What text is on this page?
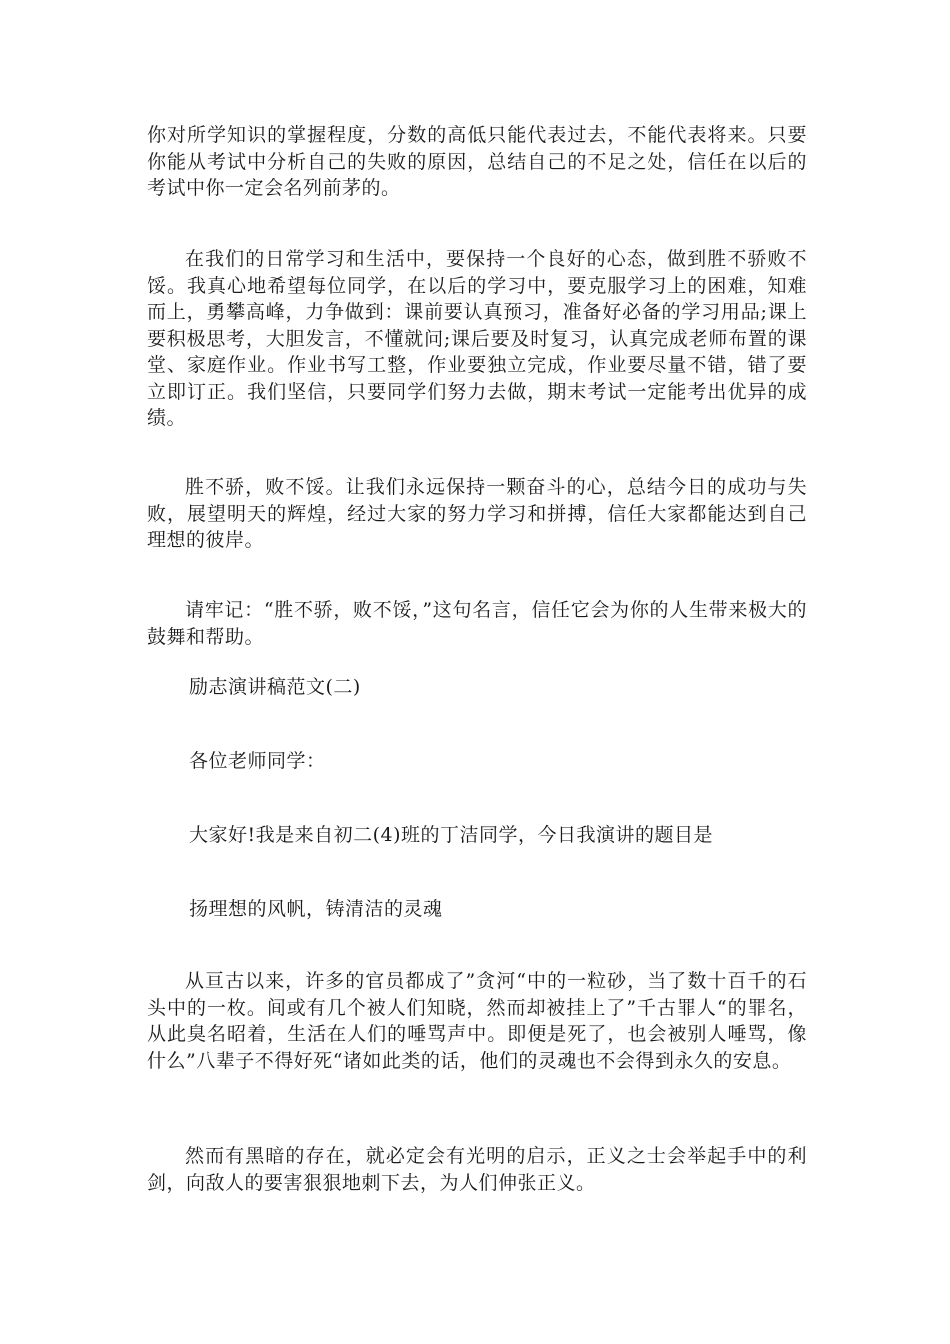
你对所学知识的掌握程度，分数的高低只能代表过去，不能代表将来。只要你能从考试中分析自己的失败的原因，总结自己的不足之处，信任在以后的考试中你一定会名列前茅的。

在我们的日常学习和生活中，要保持一个良好的心态，做到胜不骄败不馁。我真心地希望每位同学，在以后的学习中，要克服学习上的困难，知难而上，勇攀高峰，力争做到：课前要认真预习，准备好必备的学习用品;课上要积极思考，大胆发言，不懂就问;课后要及时复习，认真完成老师布置的课堂、家庭作业。作业书写工整，作业要独立完成，作业要尽量不错，错了要立即订正。我们坚信，只要同学们努力去做，期末考试一定能考出优异的成绩。

胜不骄，败不馁。让我们永远保持一颗奋斗的心，总结今日的成功与失败，展望明天的辉煌，经过大家的努力学习和拼搏，信任大家都能达到自己理想的彼岸。

请牢记：“胜不骄，败不馁，”这句名言，信任它会为你的人生带来极大的鼓舞和帮助。

励志演讲稿范文(二)

各位老师同学：

大家好!我是来自初二(4)班的丁洁同学，今日我演讲的题目是

扬理想的风帆，铸清洁的灵魂

从亘古以来，许多的官员都成了”贪河“中的一粒砂，当了数十百千的石头中的一枚。间或有几个被人们知晓，然而却被挂上了”千古罪人“的罪名，从此臭名昭着，生活在人们的唾骂声中。即便是死了，也会被别人唾骂，像什么”八辈子不得好死“诸如此类的话，他们的灵魂也不会得到永久的安息。

然而有黑暗的存在，就必定会有光明的启示，正义之士会举起手中的利剑，向敌人的要害狠狠地刺下去，为人们伸张正义。
